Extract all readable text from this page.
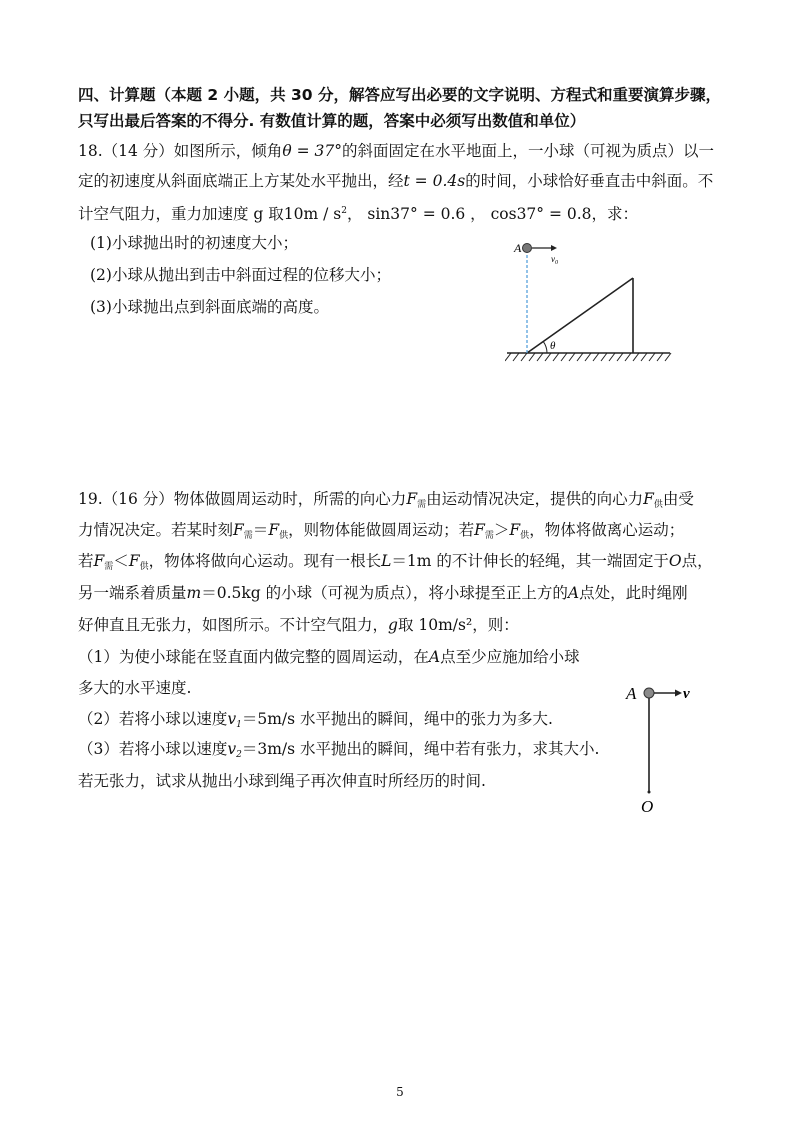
四、计算题（本题 2 小题，共 30 分，解答应写出必要的文字说明、方程式和重要演算步骤，
只写出最后答案的不得分. 有数值计算的题，答案中必须写出数值和单位）
18.（14 分）如图所示，倾角θ = 37°的斜面固定在水平地面上，一小球（可视为质点）以一
定的初速度从斜面底端正上方某处水平抛出，经t = 0.4s的时间，小球恰好垂直击中斜面。不
计空气阻力，重力加速度 g 取$10m / s^2$， sin37° = 0.6 ， cos37° = 0.8，求：
(1)小球抛出时的初速度大小；
(2)小球从抛出到击中斜面过程的位移大小；
(3)小球抛出点到斜面底端的高度。
A
$v_0$
θ
19.（16 分）物体做圆周运动时，所需的向心力$F_需$由运动情况决定，提供的向心力$F_供$由受
力情况决定。若某时刻$F_需=F_供$，则物体能做圆周运动；若$F_需>F_供$，物体将做离心运动；
若$F_需<F_供$，物体将做向心运动。现有一根长L＝1m 的不计伸长的轻绳，其一端固定于O点，
另一端系着质量m＝0.5kg 的小球（可视为质点），将小球提至正上方的A点处，此时绳刚
好伸直且无张力，如图所示。不计空气阻力，g取 10m/s²，则：
（1）为使小球能在竖直面内做完整的圆周运动，在A点至少应施加给小球
多大的水平速度.
（2）若将小球以速度$v_1=5m/s$ 水平抛出的瞬间，绳中的张力为多大.
（3）若将小球以速度$v_2=3m/s$ 水平抛出的瞬间，绳中若有张力，求其大小.
若无张力，试求从抛出小球到绳子再次伸直时所经历的时间.
A	v
O
5
